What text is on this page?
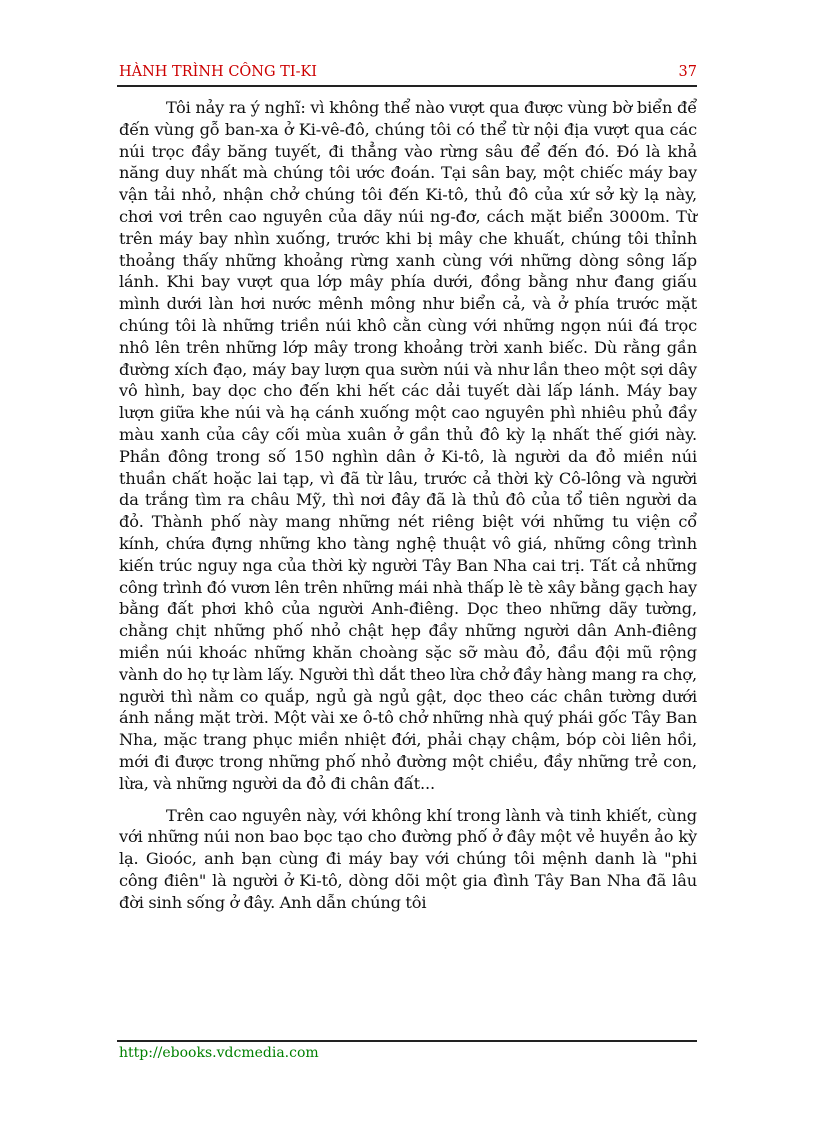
HÀNH TRÌNH CÔNG TI-KI	37

Tôi nảy ra ý nghĩ: vì không thể nào vượt qua được vùng bờ biển để đến vùng gỗ ban-xa ở Ki-vê-đô, chúng tôi có thể từ nội địa vượt qua các núi trọc đầy băng tuyết, đi thẳng vào rừng sâu để đến đó. Đó là khả năng duy nhất mà chúng tôi ước đoán. Tại sân bay, một chiếc máy bay vận tải nhỏ, nhận chở chúng tôi đến Ki-tô, thủ đô của xứ sở kỳ lạ này, chơi vơi trên cao nguyên của dãy núi ng-đơ, cách mặt biển 3000m. Từ trên máy bay nhìn xuống, trước khi bị mây che khuất, chúng tôi thỉnh thoảng thấy những khoảng rừng xanh cùng với những dòng sông lấp lánh. Khi bay vượt qua lớp mây phía dưới, đồng bằng như đang giấu mình dưới làn hơi nước mênh mông như biển cả, và ở phía trước mặt chúng tôi là những triền núi khô cằn cùng với những ngọn núi đá trọc nhô lên trên những lớp mây trong khoảng trời xanh biếc. Dù rằng gần đường xích đạo, máy bay lượn qua sườn núi và như lần theo một sợi dây vô hình, bay dọc cho đến khi hết các dải tuyết dài lấp lánh. Máy bay lượn giữa khe núi và hạ cánh xuống một cao nguyên phì nhiêu phủ đầy màu xanh của cây cối mùa xuân ở gần thủ đô kỳ lạ nhất thế giới này. Phần đông trong số 150 nghìn dân ở Ki-tô, là người da đỏ miền núi thuần chất hoặc lai tạp, vì đã từ lâu, trước cả thời kỳ Cô-lông và người da trắng tìm ra châu Mỹ, thì nơi đây đã là thủ đô của tổ tiên người da đỏ. Thành phố này mang những nét riêng biệt với những tu viện cổ kính, chứa đựng những kho tàng nghệ thuật vô giá, những công trình kiến trúc nguy nga của thời kỳ người Tây Ban Nha cai trị. Tất cả những công trình đó vươn lên trên những mái nhà thấp lè tè xây bằng gạch hay bằng đất phơi khô của người Anh-điêng. Dọc theo những dãy tường, chằng chịt những phố nhỏ chật hẹp đầy những người dân Anh-điêng miền núi khoác những khăn choàng sặc sỡ màu đỏ, đầu đội mũ rộng vành do họ tự làm lấy. Người thì dắt theo lừa chở đầy hàng mang ra chợ, người thì nằm co quắp, ngủ gà ngủ gật, dọc theo các chân tường dưới ánh nắng mặt trời. Một vài xe ô-tô chở những nhà quý phái gốc Tây Ban Nha, mặc trang phục miền nhiệt đới, phải chạy chậm, bóp còi liên hồi, mới đi được trong những phố nhỏ đường một chiều, đầy những trẻ con, lừa, và những người da đỏ đi chân đất...

Trên cao nguyên này, với không khí trong lành và tinh khiết, cùng với những núi non bao bọc tạo cho đường phố ở đây một vẻ huyền ảo kỳ lạ. Gioóc, anh bạn cùng đi máy bay với chúng tôi mệnh danh là "phi công điên" là người ở Ki-tô, dòng dõi một gia đình Tây Ban Nha đã lâu đời sinh sống ở đây. Anh dẫn chúng tôi

http://ebooks.vdcmedia.com
